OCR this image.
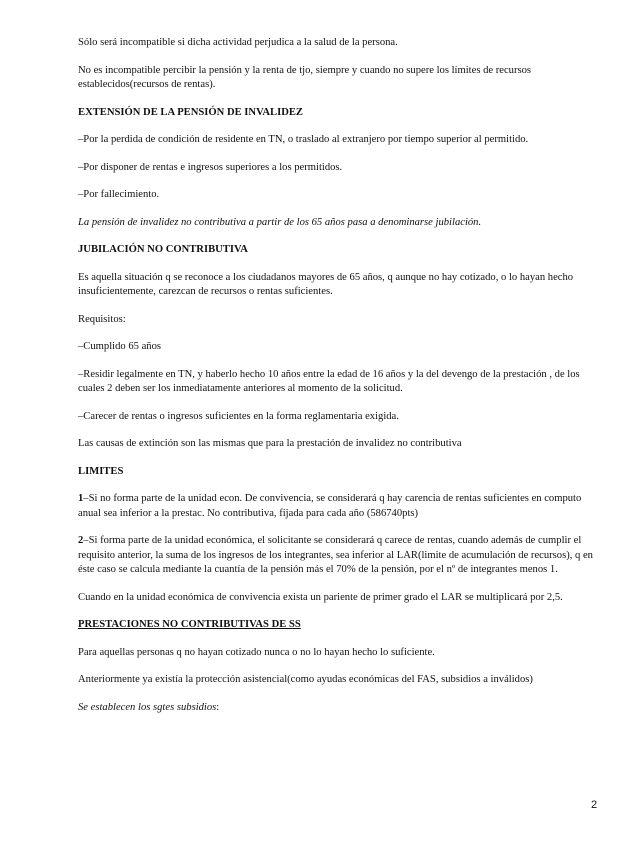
Sólo será incompatible si dicha actividad perjudica a la salud de la persona.

No es incompatible percibir la pensión y la renta de tjo, siempre y cuando no supere los límites de recursos establecidos(recursos de rentas).

EXTENSIÓN DE LA PENSIÓN DE INVALIDEZ

–Por la perdida de condición de residente en TN, o traslado al extranjero por tiempo superior al permitido.

–Por disponer de rentas e ingresos superiores a los permitidos.

–Por fallecimiento.

La pensión de invalidez no contributiva a partir de los 65 años pasa a denominarse jubilación.

JUBILACIÓN NO CONTRIBUTIVA

Es aquella situación q se reconoce a los ciudadanos mayores de 65 años, q aunque no hay cotizado, o lo hayan hecho insuficientemente, carezcan de recursos o rentas suficientes.

Requisitos:

–Cumplido 65 años

–Residir legalmente en TN, y haberlo hecho 10 años entre la edad de 16 años y la del devengo de la prestación , de los cuales 2 deben ser los inmediatamente anteriores al momento de la solicitud.

–Carecer de rentas o ingresos suficientes en la forma reglamentaria exigida.

Las causas de extinción son las mismas que para la prestación de invalidez no contributiva

LIMITES

1–Si no forma parte de la unidad econ. De convivencia, se considerará q hay carencia de rentas suficientes en computo anual sea inferior a la prestac. No contributiva, fijada para cada año (586740pts)

2–Si forma parte de la unidad económica, el solicitante se considerará q carece de rentas, cuando además de cumplir el requisito anterior, la suma de los ingresos de los integrantes, sea inferior al LAR(limite de acumulación de recursos), q en éste caso se calcula mediante la cuantía de la pensión más el 70% de la pensión, por el nº de integrantes menos 1.

Cuando en la unidad económica de convivencia exista un pariente de primer grado el LAR se multiplicará por 2,5.

PRESTACIONES NO CONTRIBUTIVAS DE SS

Para aquellas personas q no hayan cotizado nunca o no lo hayan hecho lo suficiente.

Anteriormente ya existía la protección asistencial(como ayudas económicas del FAS, subsidios a inválidos)

Se establecen los sgtes subsidios:

2
